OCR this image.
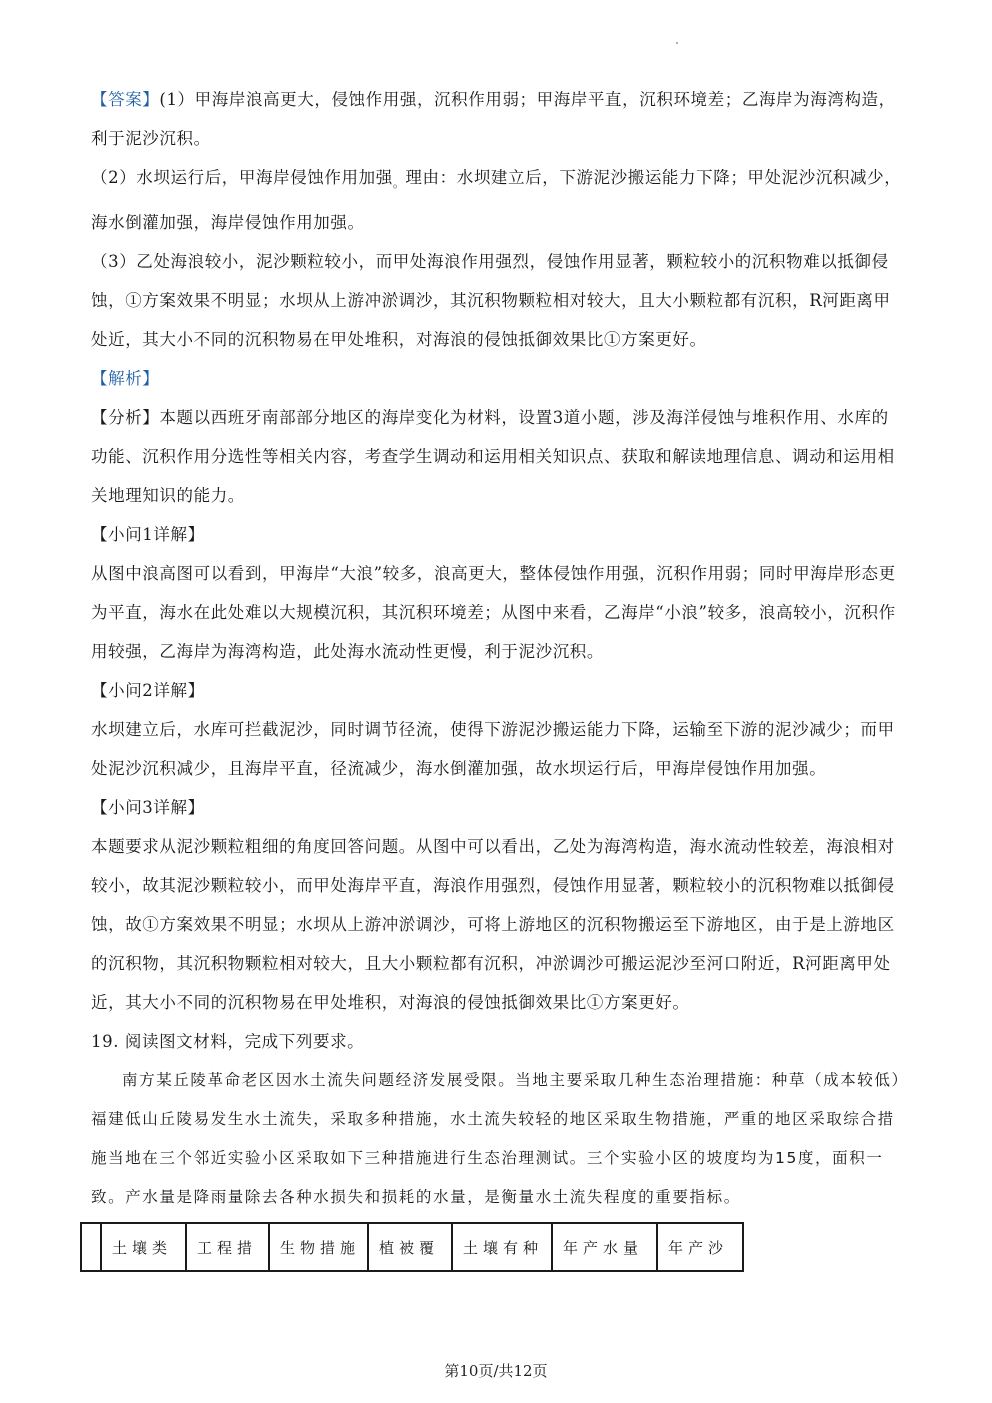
【答案】(1）甲海岸浪高更大，侵蚀作用强，沉积作用弱；甲海岸平直，沉积环境差；乙海岸为海湾构造，利于泥沙沉积。

（2）水坝运行后，甲海岸侵蚀作用加强$_。$理由：水坝建立后，下游泥沙搬运能力下降；甲处泥沙沉积减少，海水倒灌加强，海岸侵蚀作用加强。

（3）乙处海浪较小，泥沙颗粒较小，而甲处海浪作用强烈，侵蚀作用显著，颗粒较小的沉积物难以抵御侵蚀，①方案效果不明显；水坝从上游冲淤调沙，其沉积物颗粒相对较大，且大小颗粒都有沉积，R河距离甲处近，其大小不同的沉积物易在甲处堆积，对海浪的侵蚀抵御效果比①方案更好。

【解析】

【分析】本题以西班牙南部部分地区的海岸变化为材料，设置3道小题，涉及海洋侵蚀与堆积作用、水库的功能、沉积作用分选性等相关内容，考查学生调动和运用相关知识点、获取和解读地理信息、调动和运用相关地理知识的能力。

【小问1详解】

从图中浪高图可以看到，甲海岸“大浪”较多，浪高更大，整体侵蚀作用强，沉积作用弱；同时甲海岸形态更为平直，海水在此处难以大规模沉积，其沉积环境差；从图中来看，乙海岸“小浪”较多，浪高较小，沉积作用较强，乙海岸为海湾构造，此处海水流动性更慢，利于泥沙沉积。

【小问2详解】

水坝建立后，水库可拦截泥沙，同时调节径流，使得下游泥沙搬运能力下降，运输至下游的泥沙减少；而甲处泥沙沉积减少，且海岸平直，径流减少，海水倒灌加强，故水坝运行后，甲海岸侵蚀作用加强。

【小问3详解】

本题要求从泥沙颗粒粗细的角度回答问题。从图中可以看出，乙处为海湾构造，海水流动性较差，海浪相对较小，故其泥沙颗粒较小，而甲处海岸平直，海浪作用强烈，侵蚀作用显著，颗粒较小的沉积物难以抵御侵蚀，故①方案效果不明显；水坝从上游冲淤调沙，可将上游地区的沉积物搬运至下游地区，由于是上游地区的沉积物，其沉积物颗粒相对较大，且大小颗粒都有沉积，冲淤调沙可搬运泥沙至河口附近，R河距离甲处近，其大小不同的沉积物易在甲处堆积，对海浪的侵蚀抵御效果比①方案更好。

19. 阅读图文材料，完成下列要求。

南方某丘陵革命老区因水土流失问题经济发展受限。当地主要采取几种生态治理措施：种草（成本较低）福建低山丘陵易发生水土流失，采取多种措施，水土流失较轻的地区采取生物措施，严重的地区采取综合措施当地在三个邻近实验小区采取如下三种措施进行生态治理测试。三个实验小区的坡度均为15度，面积一致。产水量是降雨量除去各种水损失和损耗的水量，是衡量水土流失程度的重要指标。

	土壤类	工程措	生物措施	植被覆	土壤有种	年产水量	年产沙
第10页/共12页
